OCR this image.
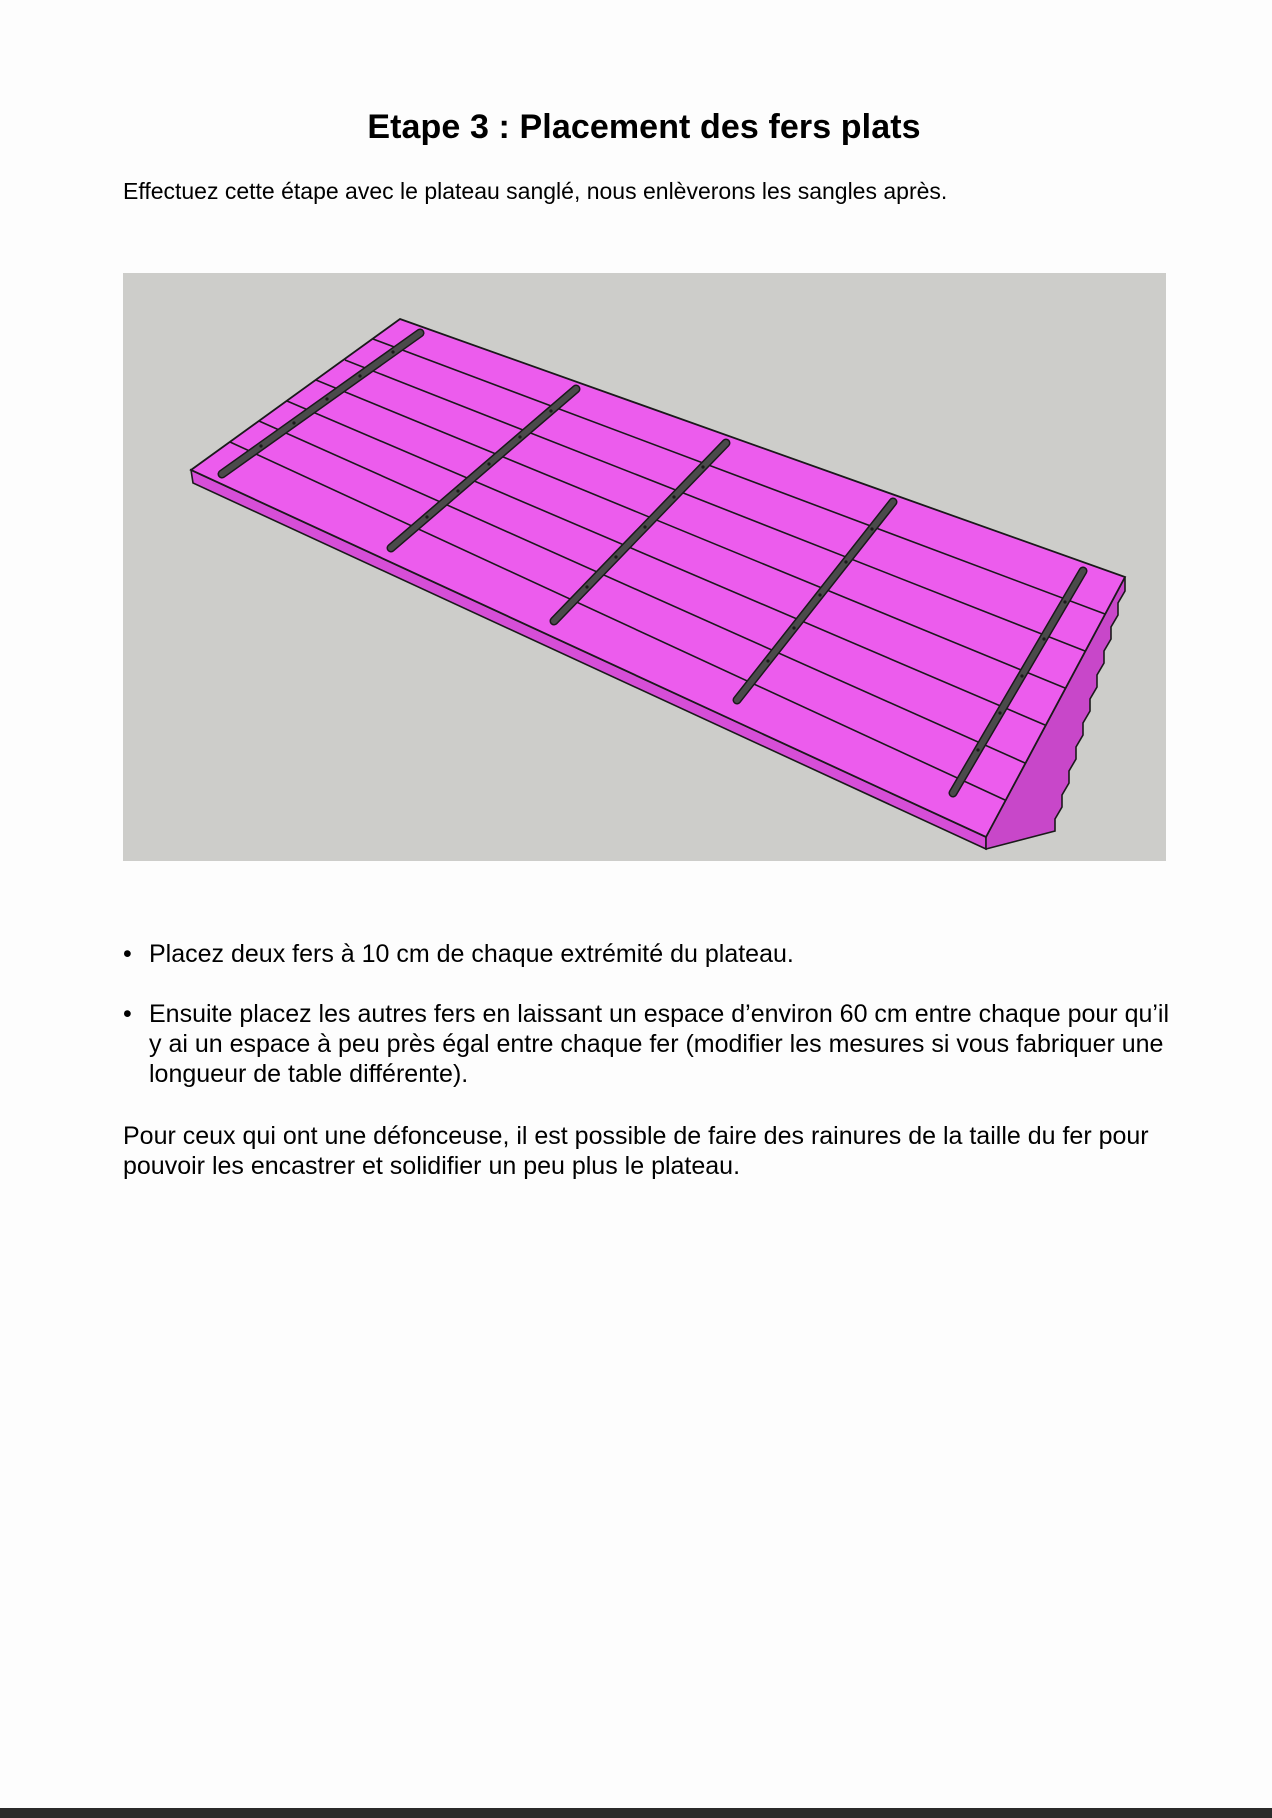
Etape 3 : Placement des fers plats

Effectuez cette étape avec le plateau sanglé, nous enlèverons les sangles après.

• Placez deux fers à 10 cm de chaque extrémité du plateau.
• Ensuite placez les autres fers en laissant un espace d’environ 60 cm entre chaque pour qu’il y ai un espace à peu près égal entre chaque fer (modifier les mesures si vous fabriquer une longueur de table différente).

Pour ceux qui ont une défonceuse, il est possible de faire des rainures de la taille du fer pour pouvoir les encastrer et solidifier un peu plus le plateau.
